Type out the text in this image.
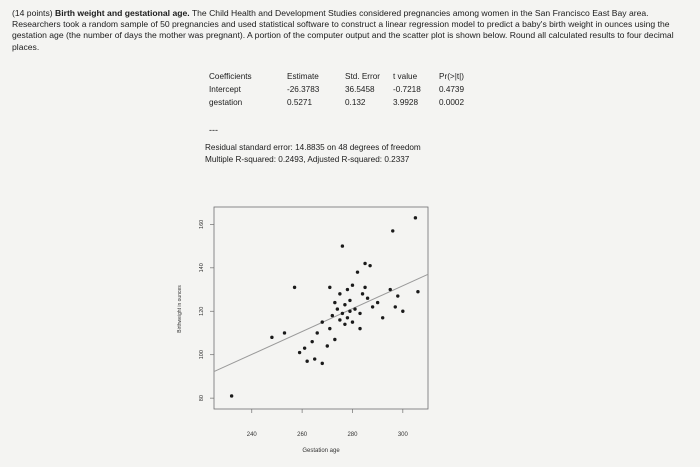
(14 points) Birth weight and gestational age. The Child Health and Development Studies considered pregnancies among women in the San Francisco East Bay area. Researchers took a random sample of 50 pregnancies and used statistical software to construct a linear regression model to predict a baby's birth weight in ounces using the gestation age (the number of days the mother was pregnant). A portion of the computer output and the scatter plot is shown below. Round all calculated results to four decimal places.
Coefficients	Estimate	Std. Error	t value	Pr(>|t|)
Intercept	-26.3783	36.5458	-0.7218	0.4739
gestation	0.5271	0.132	3.9928	0.0002
---
Residual standard error: 14.8835 on 48 degrees of freedom
Multiple R-squared: 0.2493, Adjusted R-squared: 0.2337
240	260	280	300
80
100
120
140
160
Gestation age
Birthweight in ounces
